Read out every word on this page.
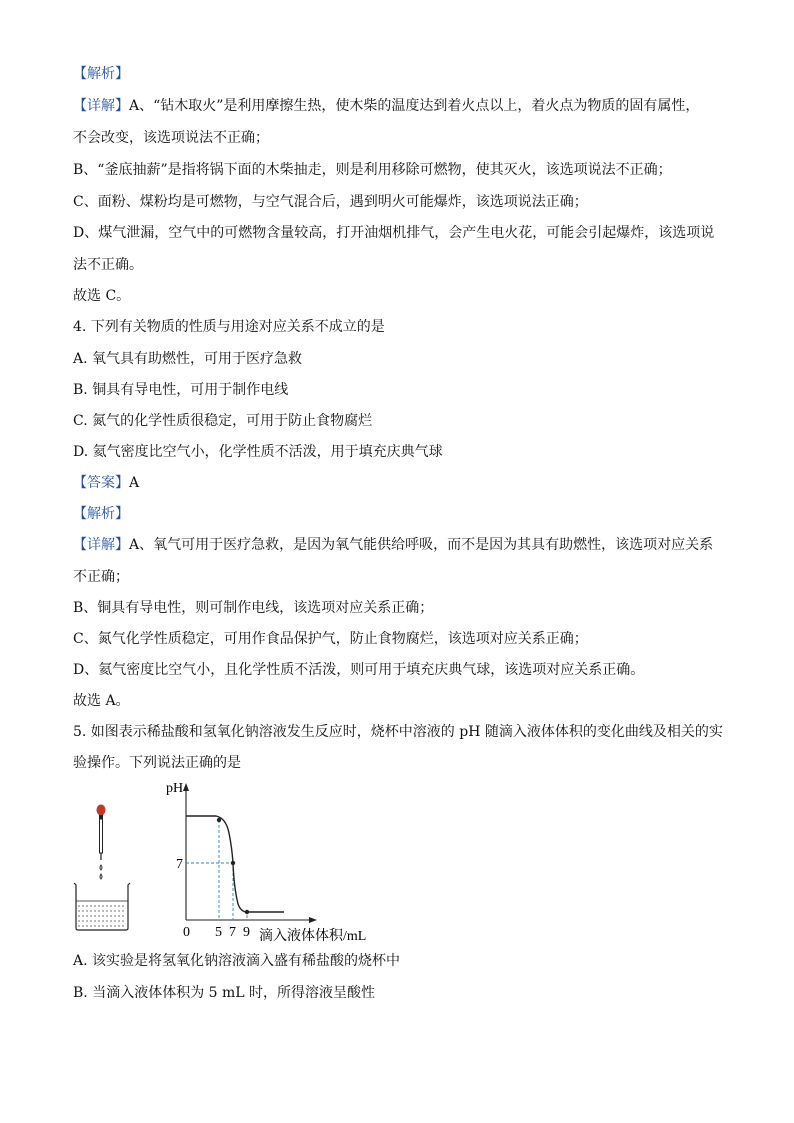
【解析】
【详解】A、“钻木取火”是利用摩擦生热，使木柴的温度达到着火点以上，着火点为物质的固有属性，
不会改变，该选项说法不正确；
B、“釜底抽薪”是指将锅下面的木柴抽走，则是利用移除可燃物，使其灭火，该选项说法不正确；
C、面粉、煤粉均是可燃物，与空气混合后，遇到明火可能爆炸，该选项说法正确；
D、煤气泄漏，空气中的可燃物含量较高，打开油烟机排气，会产生电火花，可能会引起爆炸，该选项说
法不正确。
故选 C。
4. 下列有关物质的性质与用途对应关系不成立的是
A. 氧气具有助燃性，可用于医疗急救
B. 铜具有导电性，可用于制作电线
C. 氮气的化学性质很稳定，可用于防止食物腐烂
D. 氦气密度比空气小，化学性质不活泼，用于填充庆典气球
【答案】A
【解析】
【详解】A、氧气可用于医疗急救，是因为氧气能供给呼吸，而不是因为其具有助燃性，该选项对应关系
不正确；
B、铜具有导电性，则可制作电线，该选项对应关系正确；
C、氮气化学性质稳定，可用作食品保护气，防止食物腐烂，该选项对应关系正确；
D、氦气密度比空气小，且化学性质不活泼，则可用于填充庆典气球，该选项对应关系正确。
故选 A。
5. 如图表示稀盐酸和氢氧化钠溶液发生反应时，烧杯中溶液的 pH 随滴入液体体积的变化曲线及相关的实
验操作。下列说法正确的是
pH
7
0 5 7 9 滴入液体体积/mL
A. 该实验是将氢氧化钠溶液滴入盛有稀盐酸的烧杯中
B. 当滴入液体体积为 5 mL 时，所得溶液呈酸性
